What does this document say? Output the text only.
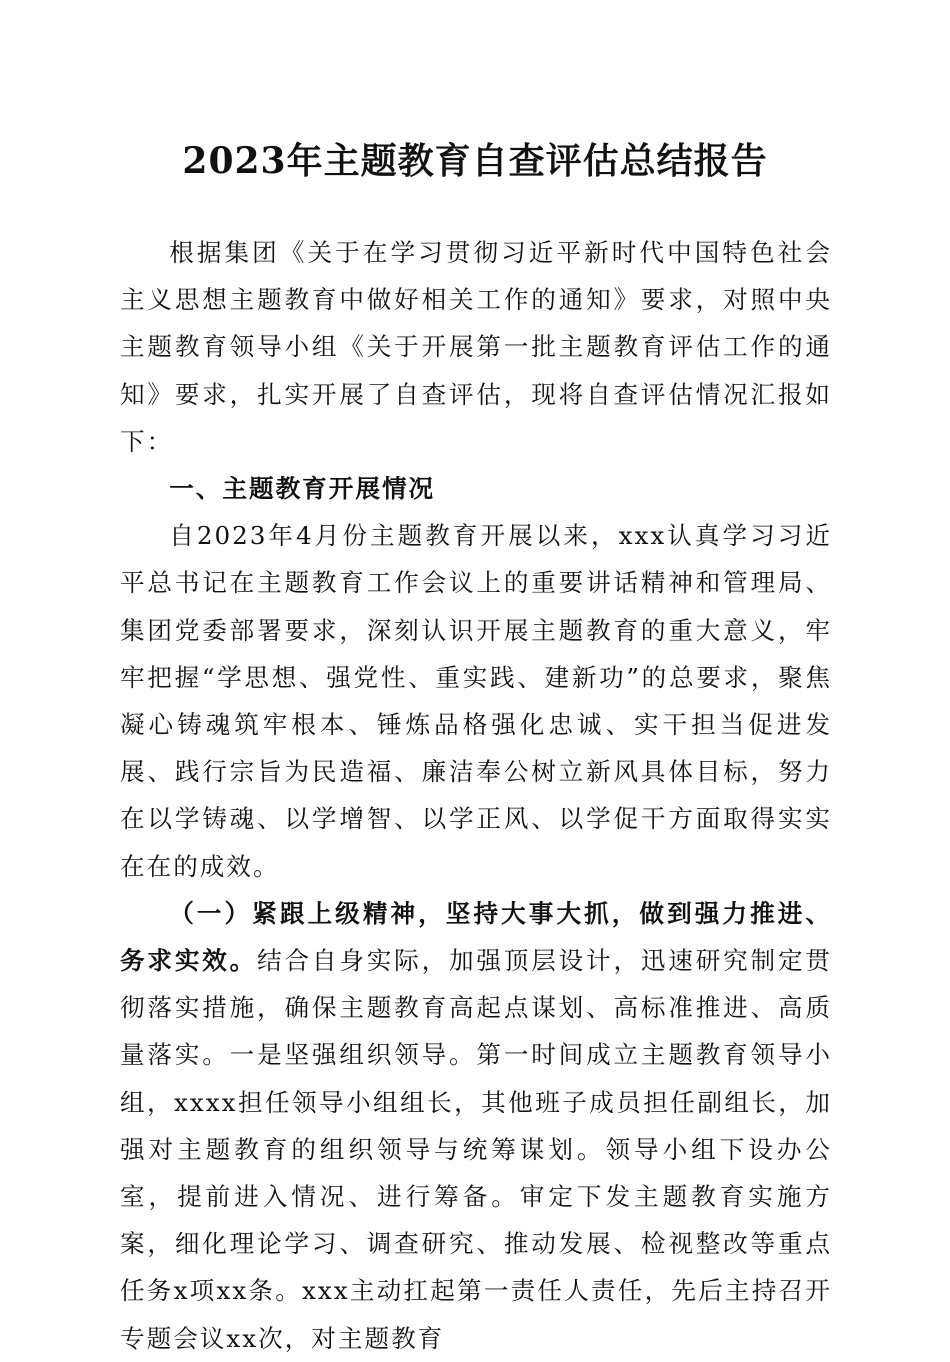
2023年主题教育自查评估总结报告

根据集团《关于在学习贯彻习近平新时代中国特色社会主义思想主题教育中做好相关工作的通知》要求，对照中央主题教育领导小组《关于开展第一批主题教育评估工作的通知》要求，扎实开展了自查评估，现将自查评估情况汇报如下：

一、主题教育开展情况

自2023年4月份主题教育开展以来，xxx认真学习习近平总书记在主题教育工作会议上的重要讲话精神和管理局、集团党委部署要求，深刻认识开展主题教育的重大意义，牢牢把握“学思想、强党性、重实践、建新功”的总要求，聚焦凝心铸魂筑牢根本、锤炼品格强化忠诚、实干担当促进发展、践行宗旨为民造福、廉洁奉公树立新风具体目标，努力在以学铸魂、以学增智、以学正风、以学促干方面取得实实在在的成效。

（一）紧跟上级精神，坚持大事大抓，做到强力推进、务求实效。结合自身实际，加强顶层设计，迅速研究制定贯彻落实措施，确保主题教育高起点谋划、高标准推进、高质量落实。一是坚强组织领导。第一时间成立主题教育领导小组，xxxx担任领导小组组长，其他班子成员担任副组长，加强对主题教育的组织领导与统筹谋划。领导小组下设办公室，提前进入情况、进行筹备。审定下发主题教育实施方案，细化理论学习、调查研究、推动发展、检视整改等重点任务x项xx条。xxx主动扛起第一责任人责任，先后主持召开专题会议xx次，对主题教育
